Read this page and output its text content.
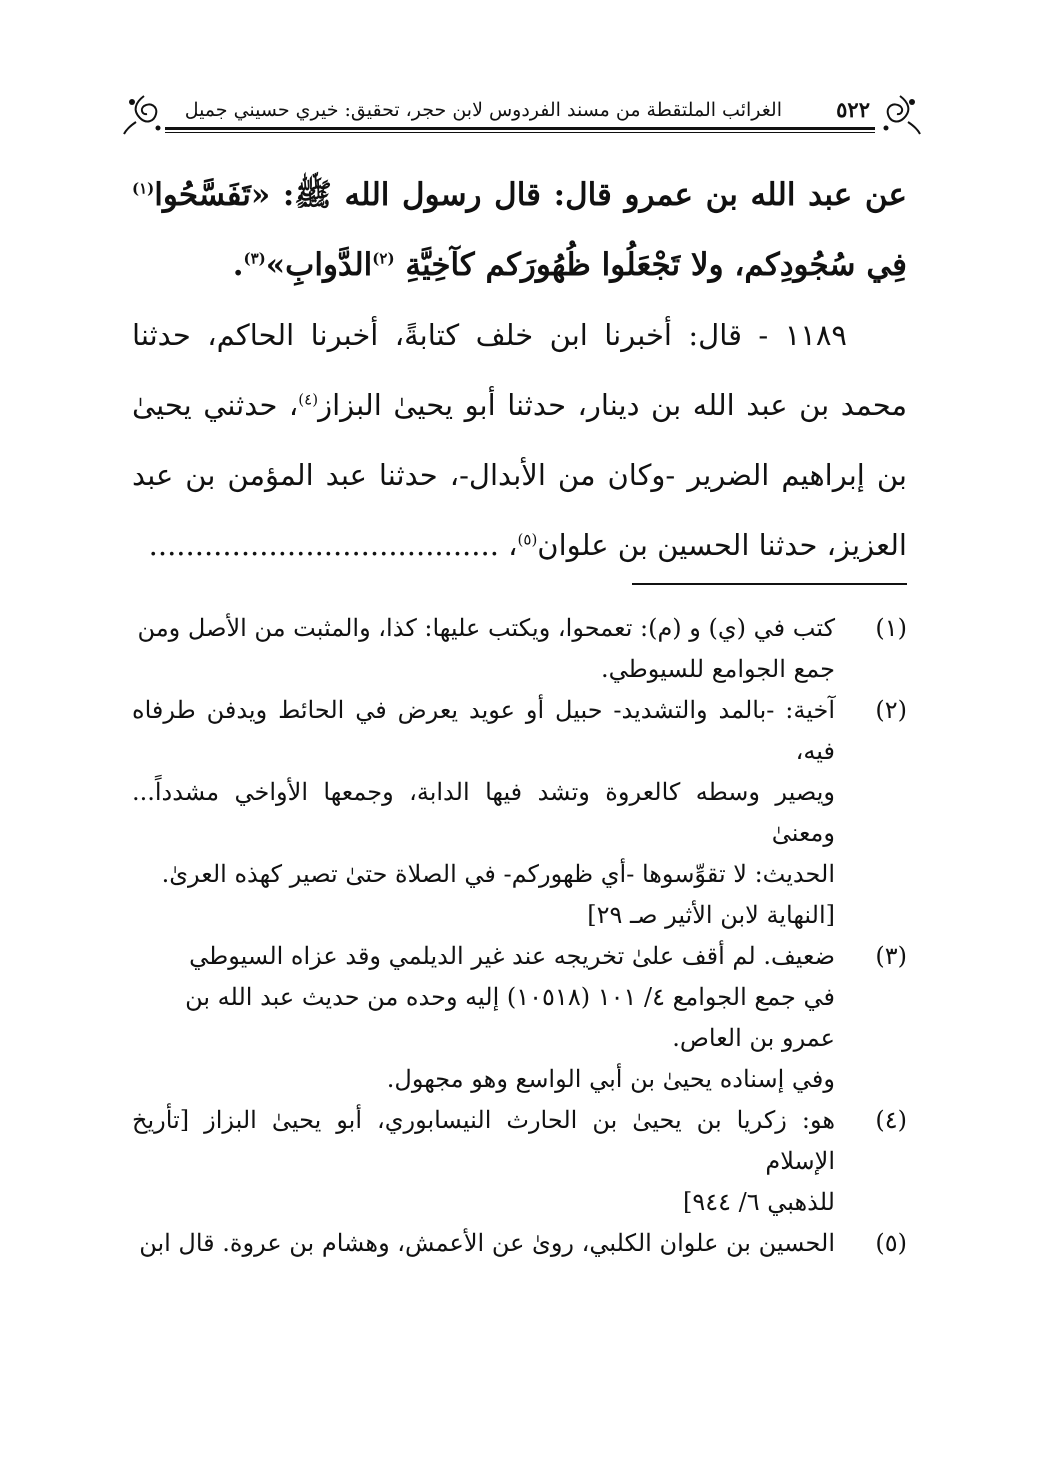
٥٢٢
الغرائب الملتقطة من مسند الفردوس لابن حجر، تحقيق: خيري حسيني جميل
عن عبد الله بن عمرو قال: قال رسول الله ﷺ: «تَفَسَّحُوا$^{(١)}$ فِي سُجُودِكم، ولا تَجْعَلُوا ظُهُورَكم كآخِيَّةِ $^{(٢)}$الدَّوابِ»$^{(٣)}$.
١١٨٩ - قال: أخبرنا ابن خلف كتابةً، أخبرنا الحاكم، حدثنا محمد بن عبد الله بن دينار، حدثنا أبو يحيىٰ البزاز$^{(٤)}$، حدثني يحيىٰ بن إبراهيم الضرير -وكان من الأبدال-، حدثنا عبد المؤمن بن عبد العزيز، حدثنا الحسين بن علوان$^{(٥)}$، ......................................
(١)
كتب في (ي) و (م): تعمحوا، ويكتب عليها: كذا، والمثبت من الأصل ومن
جمع الجوامع للسيوطي.
(٢)
آخية: -بالمد والتشديد- حبيل أو عويد يعرض في الحائط ويدفن طرفاه فيه،
ويصير وسطه كالعروة وتشد فيها الدابة، وجمعها الأواخي مشدداً... ومعنىٰ
الحديث: لا تقوِّسوها -أي ظهوركم- في الصلاة حتىٰ تصير كهذه العرىٰ.
[النهاية لابن الأثير صـ ٢٩]
(٣)
ضعيف. لم أقف علىٰ تخريجه عند غير الديلمي وقد عزاه السيوطي
في جمع الجوامع ٤/ ١٠١ (١٠٥١٨) إليه وحده من حديث عبد الله بن
عمرو بن العاص.
وفي إسناده يحيىٰ بن أبي الواسع وهو مجهول.
(٤)
هو: زكريا بن يحيىٰ بن الحارث النيسابوري، أبو يحيىٰ البزاز [تأريخ الإسلام
للذهبي ٦/ ٩٤٤]
(٥)
الحسين بن علوان الكلبي، روىٰ عن الأعمش، وهشام بن عروة. قال ابن
